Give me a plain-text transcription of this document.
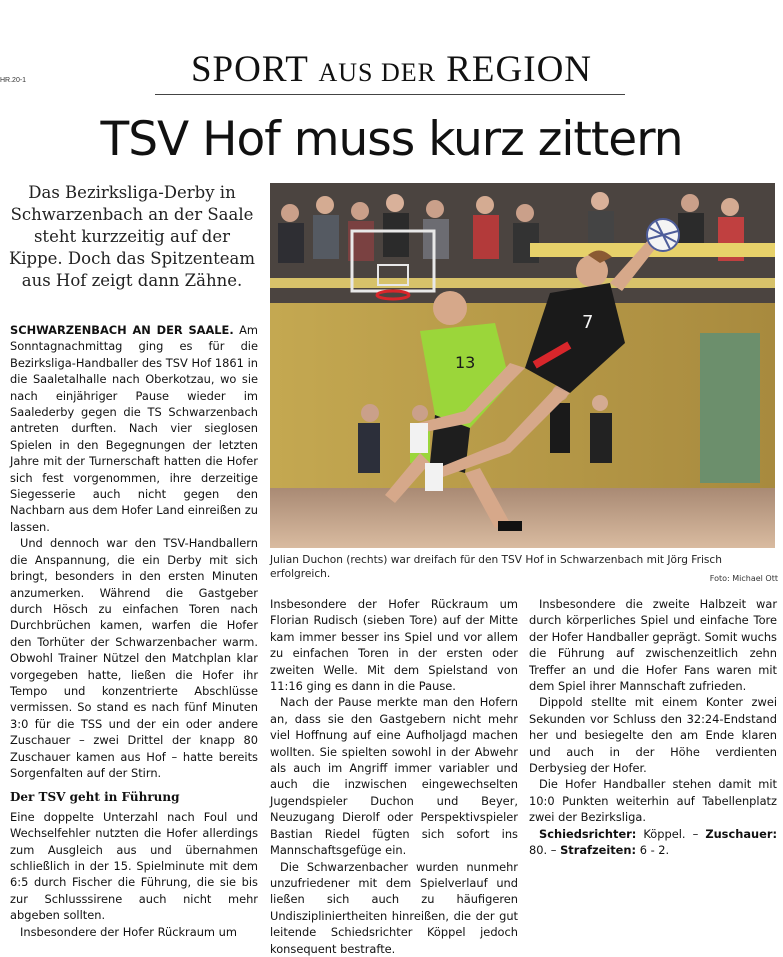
HR.20-1	SPORT AUS DER REGION
TSV Hof muss kurz zittern
Das Bezirksliga-Derby in Schwarzenbach an der Saale steht kurzzeitig auf der Kippe. Doch das Spitzenteam aus Hof zeigt dann Zähne.

SCHWARZENBACH AN DER SAALE. Am Sonntagnachmittag ging es für die Bezirksliga-Handballer des TSV Hof 1861 in die Saaletalhalle nach Oberkotzau, wo sie nach einjähriger Pause wieder im Saalederby gegen die TS Schwarzenbach antreten durften. Nach vier sieglosen Spielen in den Begegnungen der letzten Jahre mit der Turnerschaft hatten die Hofer sich fest vorgenommen, ihre derzeitige Siegesserie auch nicht gegen den Nachbarn aus dem Hofer Land einreißen zu lassen.

Und dennoch war den TSV-Handballern die Anspannung, die ein Derby mit sich bringt, besonders in den ersten Minuten anzumerken. Während die Gastgeber durch Hösch zu einfachen Toren nach Durchbrüchen kamen, warfen die Hofer den Torhüter der Schwarzenbacher warm. Obwohl Trainer Nützel den Matchplan klar vorgegeben hatte, ließen die Hofer ihr Tempo und konzentrierte Abschlüsse vermissen. So stand es nach fünf Minuten 3:0 für die TSS und der ein oder andere Zuschauer – zwei Drittel der knapp 80 Zuschauer kamen aus Hof – hatte bereits Sorgenfalten auf der Stirn.

Der TSV geht in Führung

Eine doppelte Unterzahl nach Foul und Wechselfehler nutzten die Hofer allerdings zum Ausgleich aus und übernahmen schließlich in der 15. Spielminute mit dem 6:5 durch Fischer die Führung, die sie bis zur Schlusssirene auch nicht mehr abgeben sollten.

Insbesondere der Hofer Rückraum um

13
7
Julian Duchon (rechts) war dreifach für den TSV Hof in Schwarzenbach mit Jörg Frisch erfolgreich.	Foto: Michael Ott

Insbesondere der Hofer Rückraum um Florian Rudisch (sieben Tore) auf der Mitte kam immer besser ins Spiel und vor allem zu einfachen Toren in der ersten oder zweiten Welle. Mit dem Spielstand von 11:16 ging es dann in die Pause.

Nach der Pause merkte man den Hofern an, dass sie den Gastgebern nicht mehr viel Hoffnung auf eine Aufholjagd machen wollten. Sie spielten sowohl in der Abwehr als auch im Angriff immer variabler und auch die inzwischen eingewechselten Jugendspieler Duchon und Beyer, Neuzugang Dierolf oder Perspektivspieler Bastian Riedel fügten sich sofort ins Mannschaftsgefüge ein.

Die Schwarzenbacher wurden nunmehr unzufriedener mit dem Spielverlauf und ließen sich auch zu häufigeren Undiszipliniertheiten hinreißen, die der gut leitende Schiedsrichter Köppel jedoch konsequent bestrafte.

Insbesondere die zweite Halbzeit war durch körperliches Spiel und einfache Tore der Hofer Handballer geprägt. Somit wuchs die Führung auf zwischenzeitlich zehn Treffer an und die Hofer Fans waren mit dem Spiel ihrer Mannschaft zufrieden.

Dippold stellte mit einem Konter zwei Sekunden vor Schluss den 32:24-Endstand her und besiegelte den am Ende klaren und auch in der Höhe verdienten Derbysieg der Hofer.

Die Hofer Handballer stehen damit mit 10:0 Punkten weiterhin auf Tabellenplatz zwei der Bezirksliga.

Schiedsrichter: Köppel. – Zuschauer: 80. – Strafzeiten: 6 - 2.
